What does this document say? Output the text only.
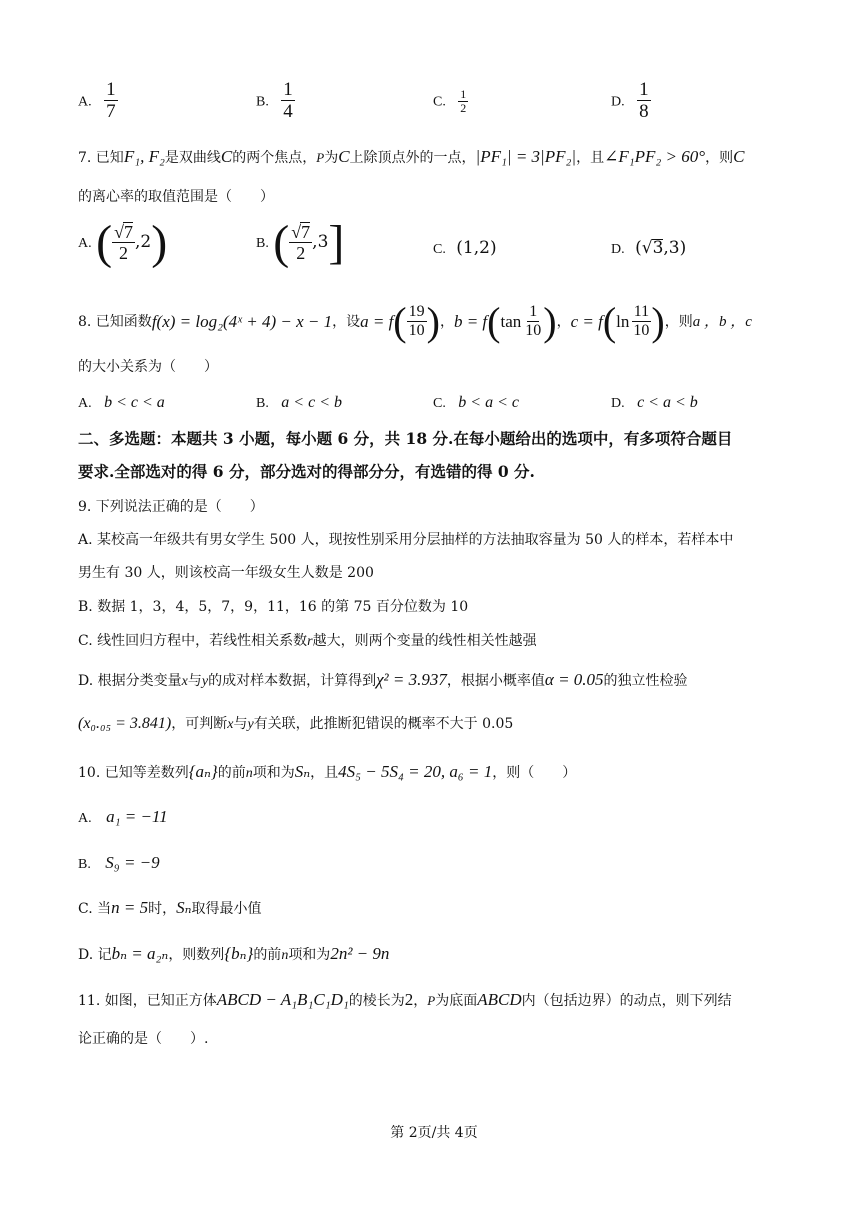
A. $\frac{1}{7}$	B. $\frac{1}{4}$	C. $\frac{1}{2}$	D. $\frac{1}{8}$
7. 已知F₁, F₂是双曲线C的两个焦点，P为C上除顶点外的一点，|PF₁| = 3|PF₂|，且∠F₁PF₂ > 60°，则C
的离心率的取值范围是（　　）
A. ( $\frac{√7}{2} ,2$)	B. ( $\frac{√7}{2} ,3$]	C. (1,2)	D. (√3,3)
8. 已知函数 f(x) = log₂(4ˣ + 4) − x − 1 ，设 a = f ( $\frac{19}{10}$ ) ， b = f ( $\tan \frac{1}{10}$ ) ， c = f ( $\ln \frac{11}{10}$ ) ，则 a ，b ，c
的大小关系为（　　）
A. b < c < a	B. a < c < b	C. b < a < c	D. c < a < b
二、多选题：本题共 3 小题，每小题 6 分，共 18 分.在每小题给出的选项中，有多项符合题目
要求.全部选对的得 6 分，部分选对的得部分分，有选错的得 0 分.
9. 下列说法正确的是（　　）
A. 某校高一年级共有男女学生 500 人，现按性别采用分层抽样的方法抽取容量为 50 人的样本，若样本中
男生有 30 人，则该校高一年级女生人数是 200
B. 数据 1，3，4，5，7，9，11，16 的第 75 百分位数为 10
C. 线性回归方程中，若线性相关系数r越大，则两个变量的线性相关性越强
D. 根据分类变量x与y的成对样本数据，计算得到χ² = 3.937，根据小概率值α = 0.05的独立性检验
(x₀.₀₅ = 3.841)，可判断x与y有关联，此推断犯错误的概率不大于 0.05
10. 已知等差数列{aₙ}的前n项和为Sₙ，且4S₅ − 5S₄ = 20, a₆ = 1，则（　　）
A. a₁ = −11
B. S₉ = −9
C. 当n = 5时，Sₙ取得最小值
D. 记bₙ = a₂ₙ，则数列{bₙ}的前n项和为2n² − 9n
11. 如图，已知正方体ABCD − A₁B₁C₁D₁的棱长为2，P为底面ABCD内（包括边界）的动点，则下列结
论正确的是（　　）.
第 2页/共 4页
